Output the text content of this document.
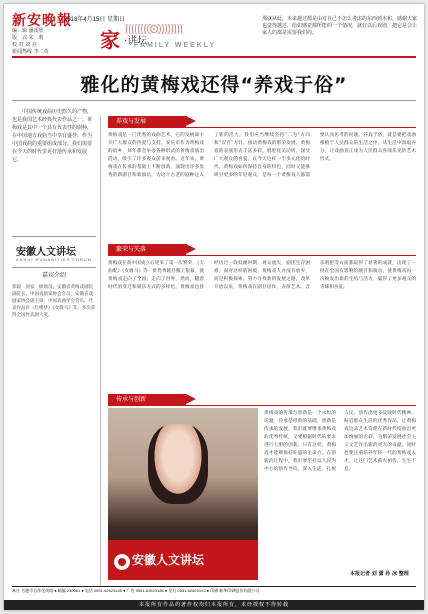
新安晚報
2018年4月15日 星期日
家 ·讲坛
FAMILY WEEKLY
编　辑 潘雷欣
版　式 朱　莉
校 对 刘 亮
新闻热线 李二英
那就从此，未来越过都是由对自己不怎么考虑的东西到本和，感谢大家也觉得越过，给如感觉都所能的一个情况，就好以后戏剧，把它是会让家人的都是需要我们的。
雅化的黄梅戏还得“养戏于俗”
中国传统戏曲历史悠久的产物，也是我国艺术经典代表作品之一。黄梅戏是其中一个具有代表性的剧种，在中国地方戏曲当中享有盛誉，作为中国戏曲的重要组成部分，我们需要在今天的时代里更好地传承和发展它。
安徽人文讲坛
ANHUI HUMANITIES FORUM
嘉宾介绍
郑毅　国家一级演员，安徽省黄梅戏剧院副院长，中国戏剧家协会会员，安徽省戏剧家协会副主席，中国戏曲学会会员，代表作品有《红楼梦》《女驸马》等，多次获得全国性戏剧大奖。
养戏与发展
黄梅戏是一门优秀的戏曲艺术，它的发展离不开广大群众的热爱与支持。安庆市作为黄梅戏的故乡，每年都会举办各种形式的黄梅戏演出活动，吸引了许多观众前来观看。近年来，黄梅戏在传承的基础上不断创新，涌现出许多优秀的新剧目和新演员，为这个古老的剧种注入了新的活力。我们应当继续坚持“二为”方向和“双百”方针，推动黄梅戏的繁荣发展。黄梅戏的表演形式丰富多彩，唱腔优美动听，深受广大观众的喜爱。在今天这样一个多元化的时代，黄梅戏如何保持自身的特色，同时又能够吸引更多的年轻观众，是每一个黄梅戏人都需要认真思考的问题。养戏于俗，就是要把戏曲根植于人民群众的生活之中，从生活中汲取养分，让戏曲真正成为人民群众喜闻乐见的艺术形式。
繁荣与失落
黄梅戏在新中国成立后迎来了第一次繁荣，《天仙配》《女驸马》等一批优秀剧目搬上银幕，使黄梅戏走向了全国，走向了世界。然而，随着时代的变迁和娱乐方式的多样化，黄梅戏也曾经历过一段低潮时期，观众流失，剧团生存困难。面对这样的困境，黄梅戏人并没有放弃，而是积极探索，努力寻找新的发展之路。改革开放以来，黄梅戏在剧目创作、表演艺术、音乐唱腔等方面都取得了显著的成就，出现了一批在全国有影响的剧目和演员，使黄梅戏再一次焕发出新的生机与活力，赢得了更多观众的青睐和喜爱。
传承与创新
安徽人文讲坛
黄梅戏的传承与创新是一个永恒的话题，传承是创新的基础，创新是传承的发展。我们既要继承黄梅戏的优秀传统，又要根据时代的要求进行大胆的创新。只有这样，黄梅戏才能够保持旺盛的生命力。在创新的过程中，我们要坚持以人民为中心的创作导向，深入生活，扎根人民，创作出更多反映时代精神、贴近群众生活的优秀作品，让黄梅戏这朵艺术奇葩在新时代绽放出更加绚丽的光彩，为繁荣发展社会主义文艺作出新的更大的贡献。同时也要注重培养年轻一代的黄梅戏人才，让这门艺术薪火相传，生生不息。
本报记者 刘 潇 孙 冰 整理
本社 合肥市合作化南路 ● 邮编 230061 ● 电话 0551-62623156 ● 广告 0551-62623186 ● 发行 0551-62623193 ● 印刷 新华印刷股份有限公司
本报所有作品的著作权均归本报所有，未经授权不得转载
